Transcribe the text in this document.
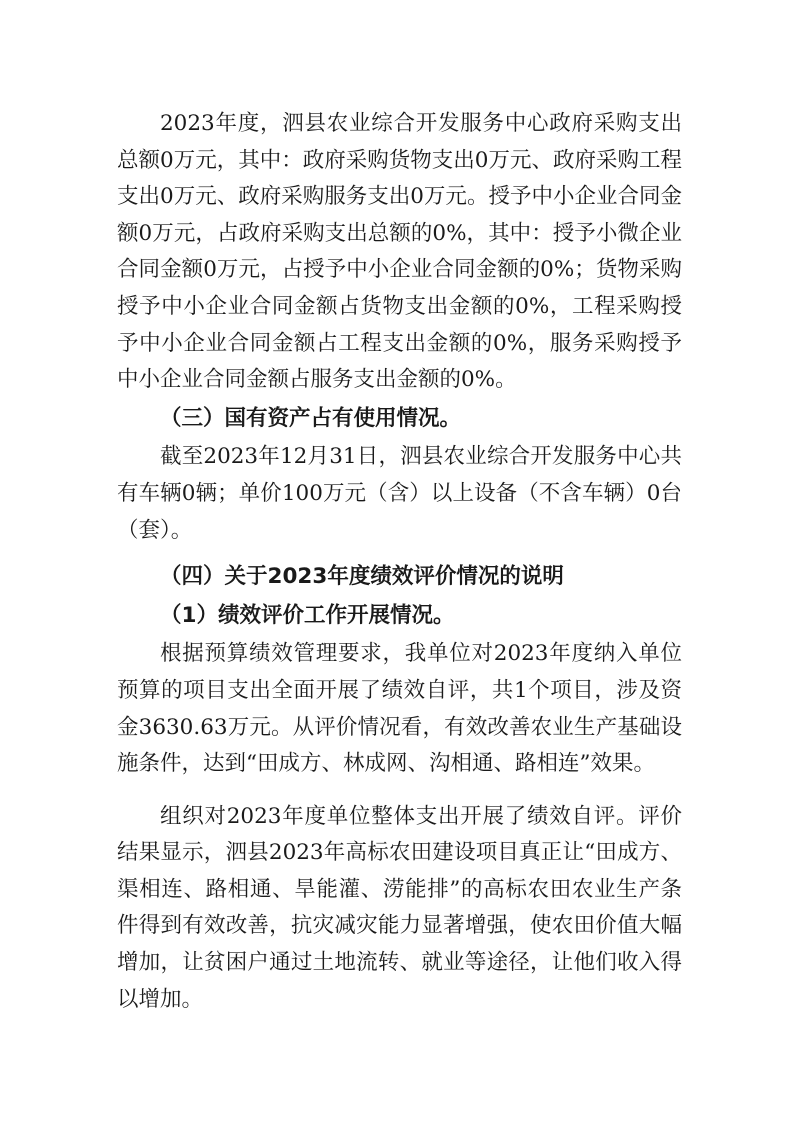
2023年度，泗县农业综合开发服务中心政府采购支出总额0万元，其中：政府采购货物支出0万元、政府采购工程支出0万元、政府采购服务支出0万元。授予中小企业合同金额0万元，占政府采购支出总额的0%，其中：授予小微企业合同金额0万元，占授予中小企业合同金额的0%；货物采购授予中小企业合同金额占货物支出金额的0%，工程采购授予中小企业合同金额占工程支出金额的0%，服务采购授予中小企业合同金额占服务支出金额的0%。

（三）国有资产占有使用情况。

截至2023年12月31日，泗县农业综合开发服务中心共有车辆0辆；单价100万元（含）以上设备（不含车辆）0台（套）。

（四）关于2023年度绩效评价情况的说明

（1）绩效评价工作开展情况。

根据预算绩效管理要求，我单位对2023年度纳入单位预算的项目支出全面开展了绩效自评，共1个项目，涉及资金3630.63万元。从评价情况看，有效改善农业生产基础设施条件，达到“田成方、林成网、沟相通、路相连”效果。

组织对2023年度单位整体支出开展了绩效自评。评价结果显示，泗县2023年高标农田建设项目真正让“田成方、渠相连、路相通、旱能灌、涝能排”的高标农田农业生产条件得到有效改善，抗灾减灾能力显著增强，使农田价值大幅增加，让贫困户通过土地流转、就业等途径，让他们收入得以增加。
